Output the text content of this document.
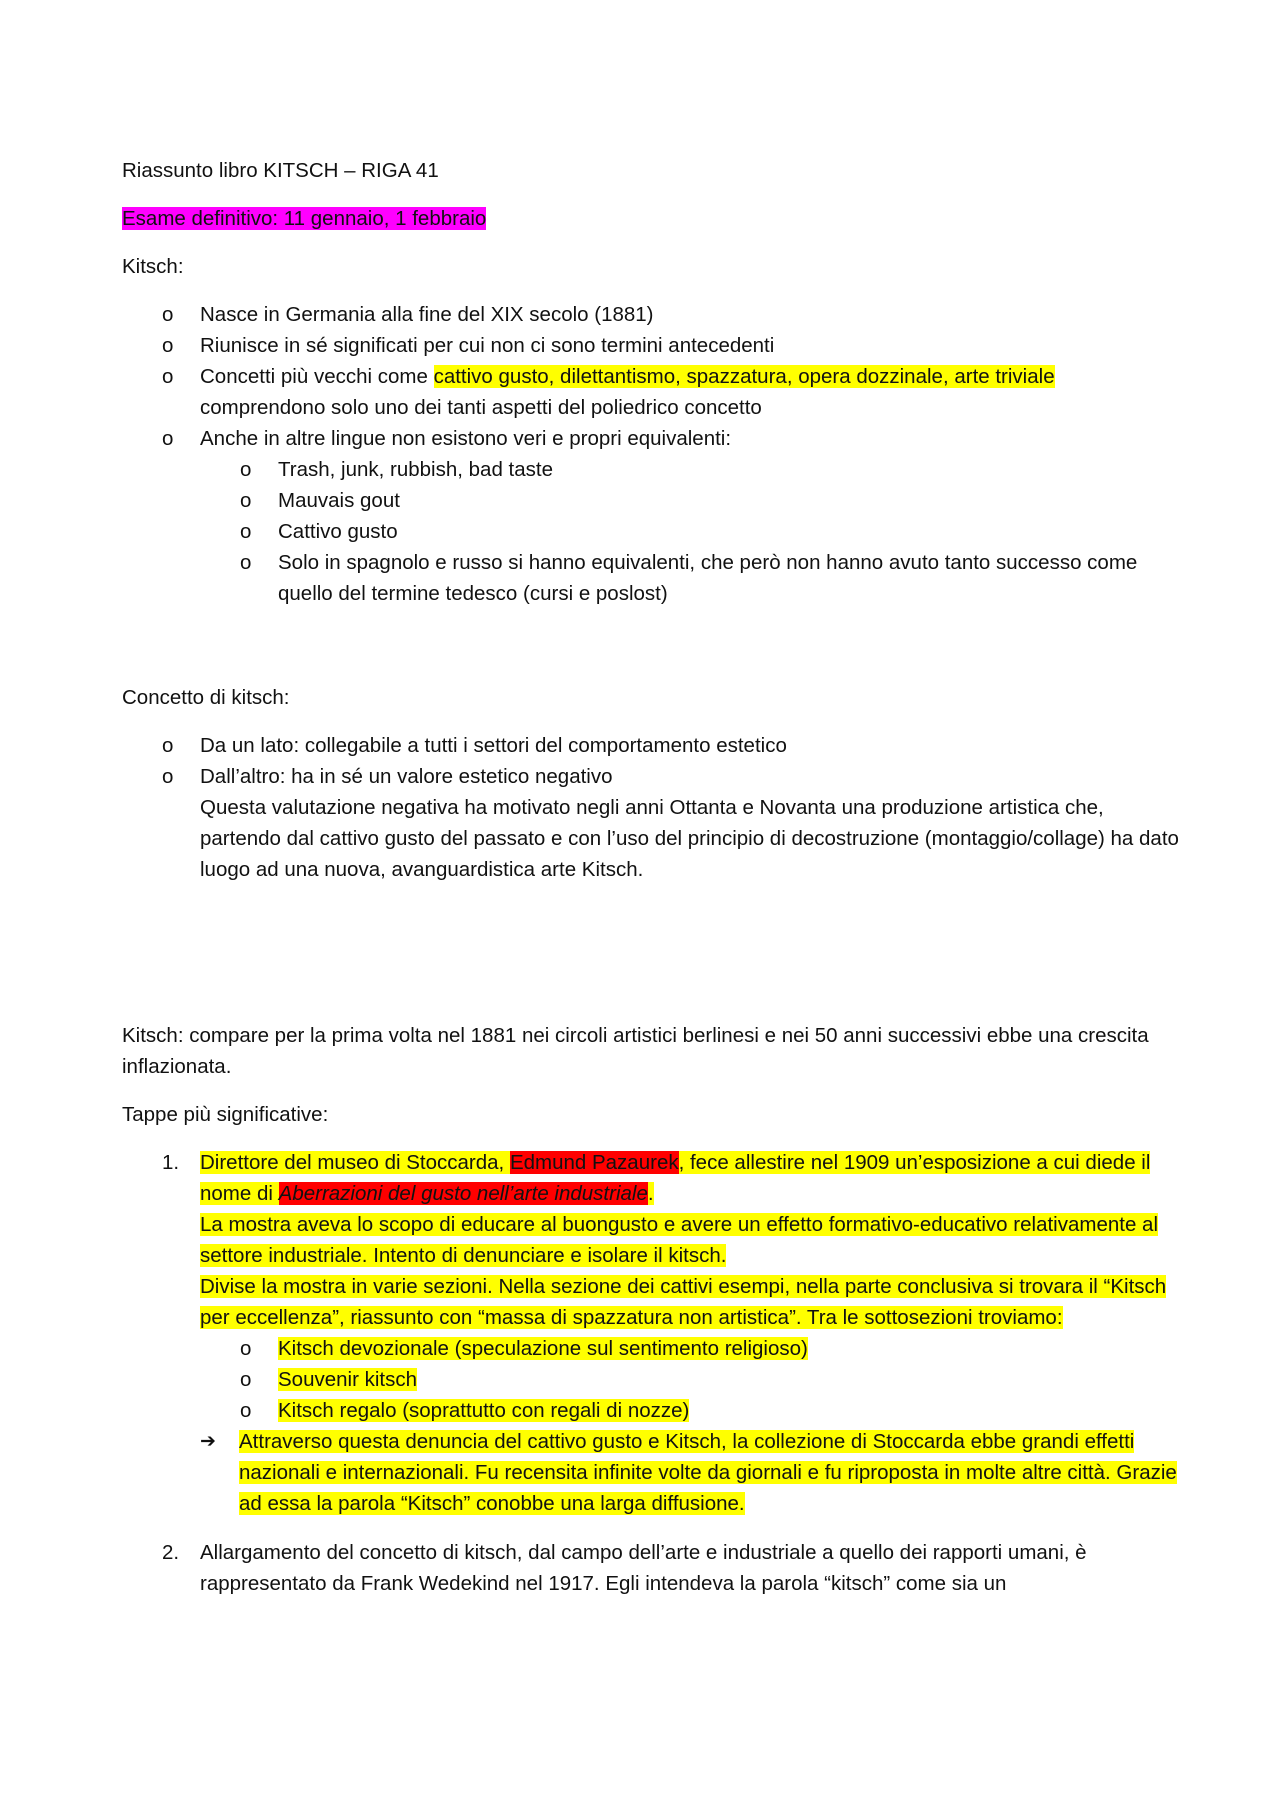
Riassunto libro KITSCH – RIGA 41

Esame definitivo: 11 gennaio, 1 febbraio

Kitsch:

o Nasce in Germania alla fine del XIX secolo (1881)
o Riunisce in sé significati per cui non ci sono termini antecedenti
o Concetti più vecchi come cattivo gusto, dilettantismo, spazzatura, opera dozzinale, arte triviale comprendono solo uno dei tanti aspetti del poliedrico concetto
o Anche in altre lingue non esistono veri e propri equivalenti:
o Trash, junk, rubbish, bad taste
o Mauvais gout
o Cattivo gusto
o Solo in spagnolo e russo si hanno equivalenti, che però non hanno avuto tanto successo come quello del termine tedesco (cursi e poslost)

Concetto di kitsch:

o Da un lato: collegabile a tutti i settori del comportamento estetico
o Dall’altro: ha in sé un valore estetico negativo
Questa valutazione negativa ha motivato negli anni Ottanta e Novanta una produzione artistica che, partendo dal cattivo gusto del passato e con l’uso del principio di decostruzione (montaggio/collage) ha dato luogo ad una nuova, avanguardistica arte Kitsch.

Kitsch: compare per la prima volta nel 1881 nei circoli artistici berlinesi e nei 50 anni successivi ebbe una crescita inflazionata.

Tappe più significative:

1. Direttore del museo di Stoccarda, Edmund Pazaurek, fece allestire nel 1909 un’esposizione a cui diede il nome di Aberrazioni del gusto nell’arte industriale.
La mostra aveva lo scopo di educare al buongusto e avere un effetto formativo-educativo relativamente al settore industriale. Intento di denunciare e isolare il kitsch.
Divise la mostra in varie sezioni. Nella sezione dei cattivi esempi, nella parte conclusiva si trovara il “Kitsch per eccellenza”, riassunto con “massa di spazzatura non artistica”. Tra le sottosezioni troviamo:
o Kitsch devozionale (speculazione sul sentimento religioso)
o Souvenir kitsch
o Kitsch regalo (soprattutto con regali di nozze)
➔ Attraverso questa denuncia del cattivo gusto e Kitsch, la collezione di Stoccarda ebbe grandi effetti nazionali e internazionali. Fu recensita infinite volte da giornali e fu riproposta in molte altre città. Grazie ad essa la parola “Kitsch” conobbe una larga diffusione.
2. Allargamento del concetto di kitsch, dal campo dell’arte e industriale a quello dei rapporti umani, è rappresentato da Frank Wedekind nel 1917. Egli intendeva la parola “kitsch” come sia un
